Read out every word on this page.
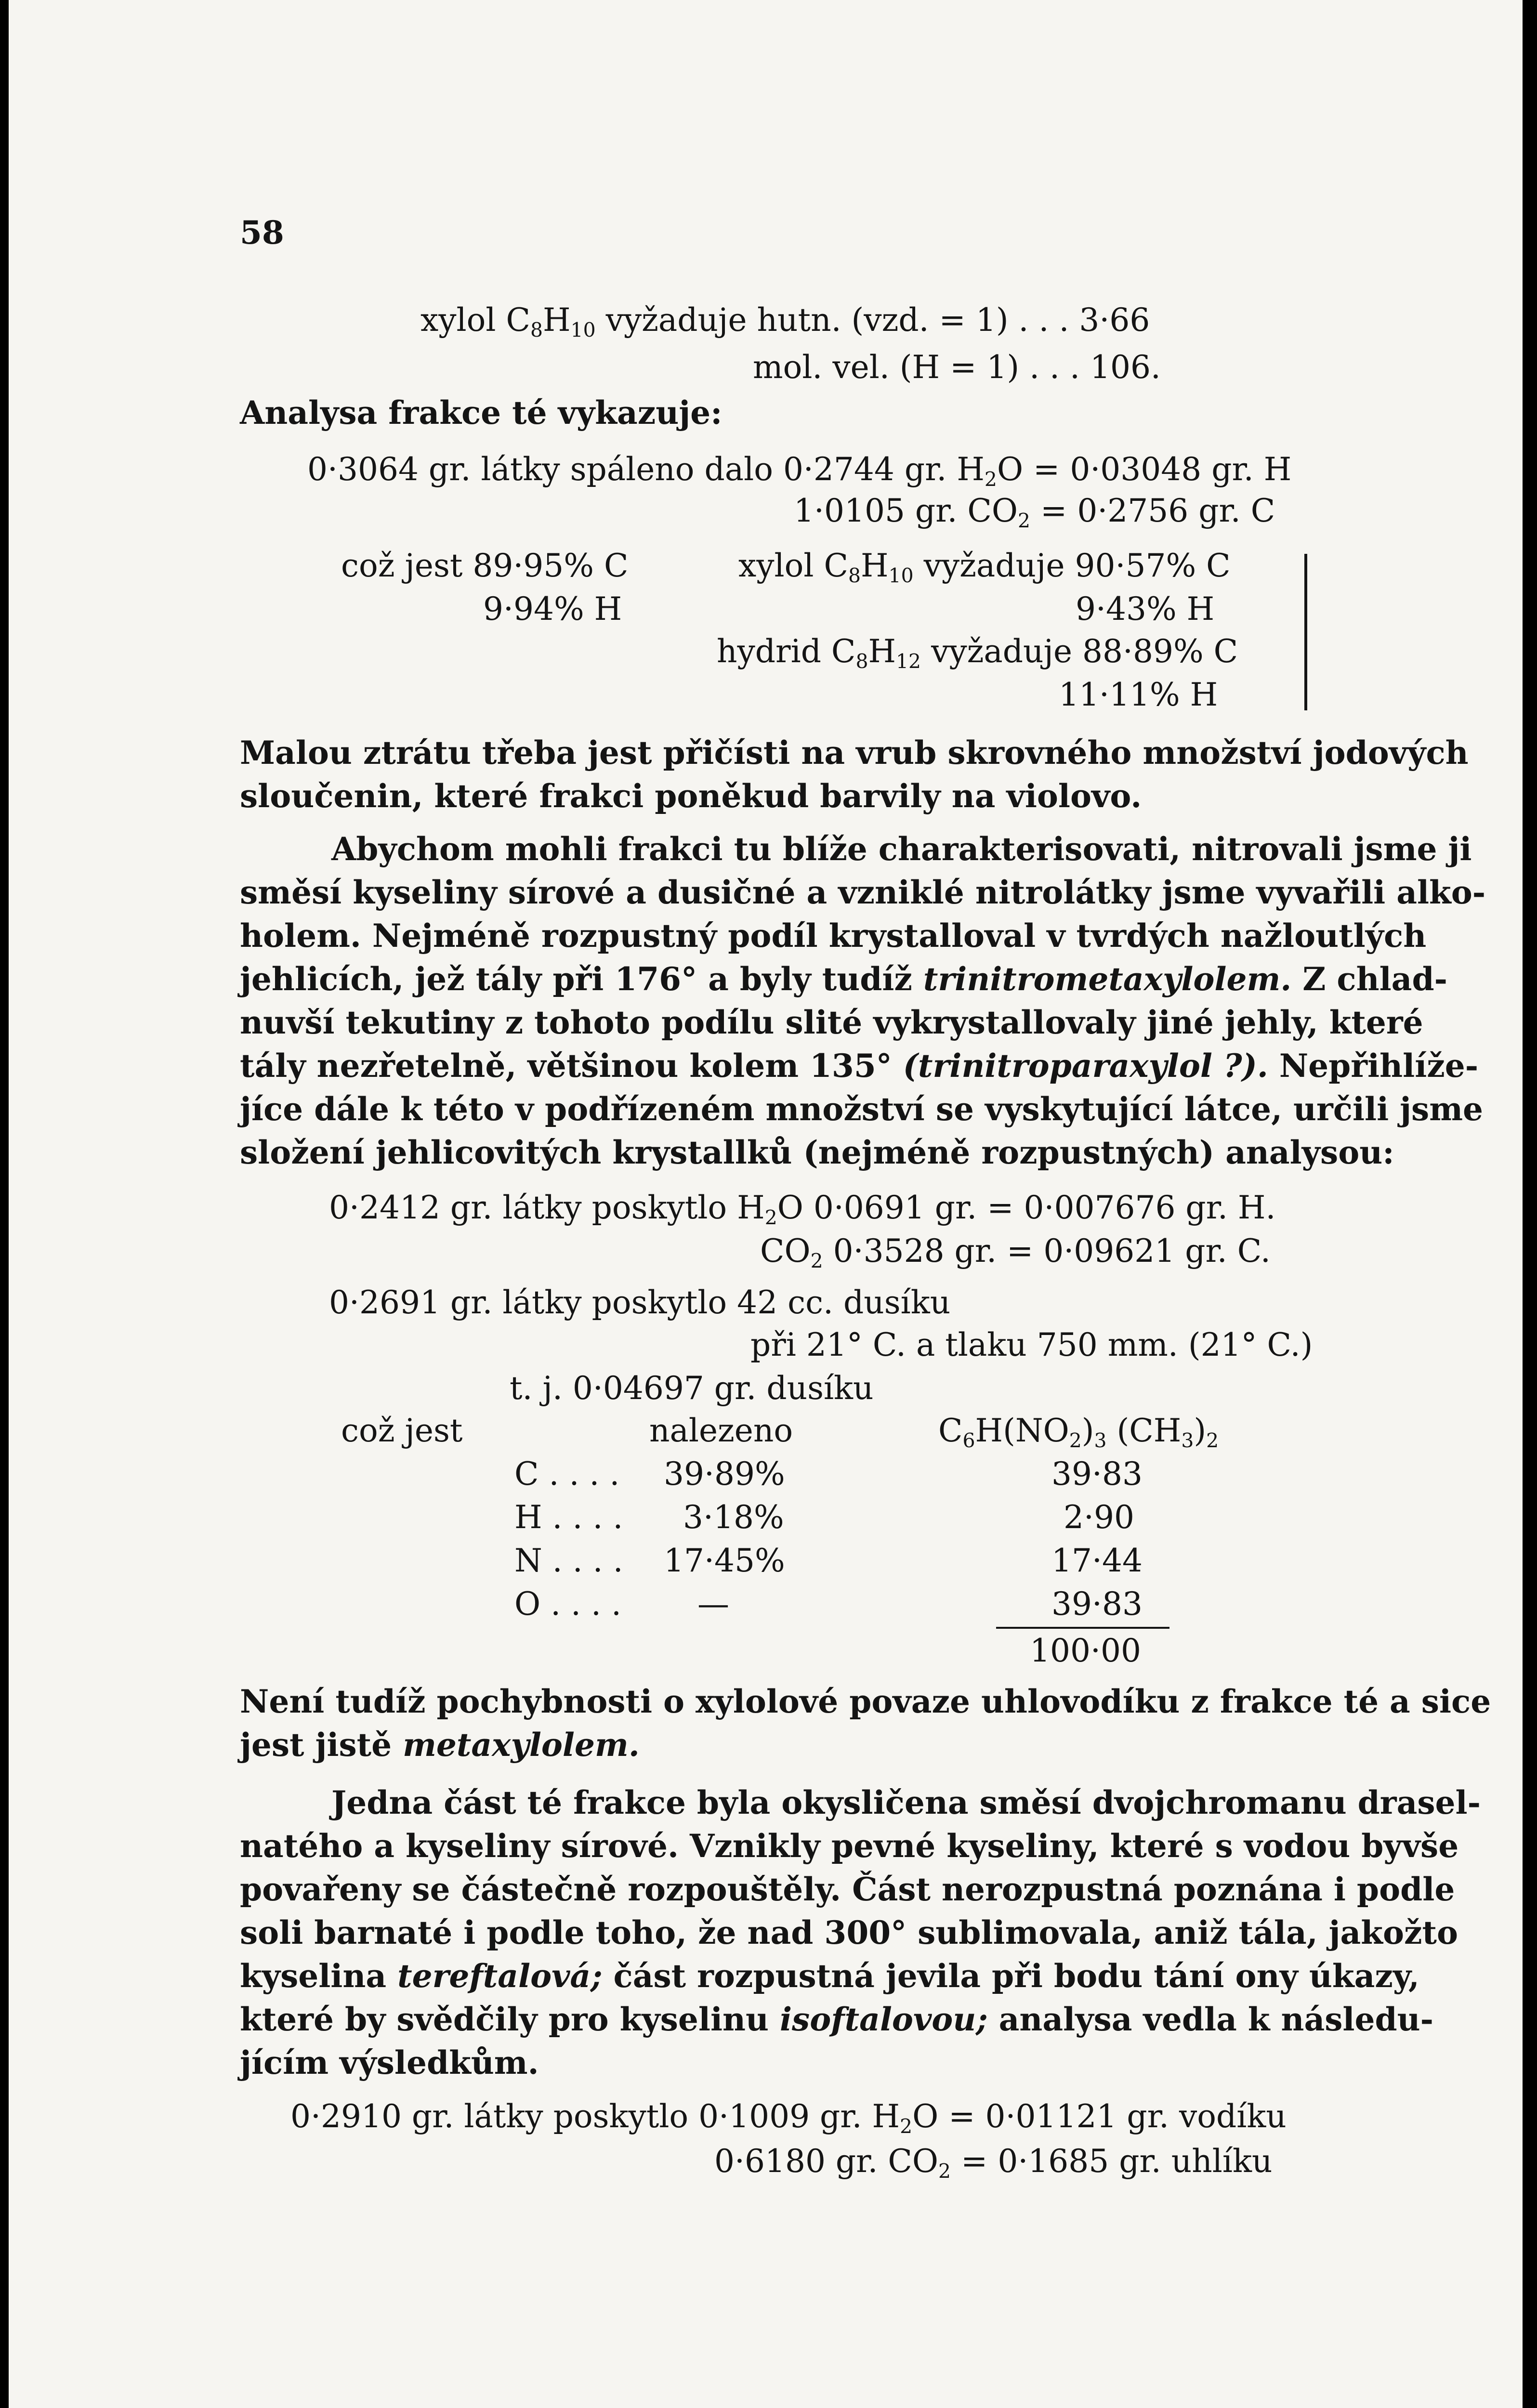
58
xylol $C_8H_{10}$ vyžaduje hutn. (vzd. = 1) . . . 3·66
mol. vel. (H = 1) . . . 106.
Analysa frakce té vykazuje:
0·3064 gr. látky spáleno dalo 0·2744 gr. $H_2O = 0\cdot 03048$ gr. H
1·0105 gr. $CO_2 = 0\cdot 2756$ gr. C
což jest 89·95% C
9·94% H
xylol $C_8H_{10}$ vyžaduje 90·57% C
9·43% H
hydrid $C_8H_{12}$ vyžaduje 88·89% C
11·11% H
Malou ztrátu třeba jest přičísti na vrub skrovného množství jodových
sloučenin, které frakci poněkud barvily na violovo.
Abychom mohli frakci tu blíže charakterisovati, nitrovali jsme ji
směsí kyseliny sírové a dusičné a vzniklé nitrolátky jsme vyvařili alko-
holem. Nejméně rozpustný podíl krystalloval v tvrdých nažloutlých
jehlicích, jež tály při 176° a byly tudíž trinitrometaxylolem. Z chlad-
nuvší tekutiny z tohoto podílu slité vykrystallovaly jiné jehly, které
tály nezřetelně, většinou kolem 135° (trinitroparaxylol ?). Nepřihlíže-
jíce dále k této v podřízeném množství se vyskytující látce, určili jsme
složení jehlicovitých krystallků (nejméně rozpustných) analysou:
0·2412 gr. látky poskytlo $H_2O$ 0·0691 gr. = 0·007676 gr. H.
$CO_2$ 0·3528 gr. = 0·09621 gr. C.
0·2691 gr. látky poskytlo 42 cc. dusíku
při 21° C. a tlaku 750 mm. (21° C.)
t. j. 0·04697 gr. dusíku
což jest	nalezeno	$C_6H(NO_2)_3$ $(CH_3)_2$
C . . . . 39·89%	39·83
H . . . . 3·18%	2·90
N . . . . 17·45%	17·44
O . . . . —	39·83
100·00
Není tudíž pochybnosti o xylolové povaze uhlovodíku z frakce té a sice
jest jistě metaxylolem.
Jedna část té frakce byla okysličena směsí dvojchromanu drasel-
natého a kyseliny sírové. Vznikly pevné kyseliny, které s vodou byvše
povařeny se částečně rozpouštěly. Část nerozpustná poznána i podle
soli barnaté i podle toho, že nad 300° sublimovala, aniž tála, jakožto
kyselina tereftalová; část rozpustná jevila při bodu tání ony úkazy,
které by svědčily pro kyselinu isoftalovou; analysa vedla k následu-
jícím výsledkům.
0·2910 gr. látky poskytlo 0·1009 gr. $H_2O = 0\cdot 01121$ gr. vodíku
0·6180 gr. $CO_2 = 0\cdot 1685$ gr. uhlíku
